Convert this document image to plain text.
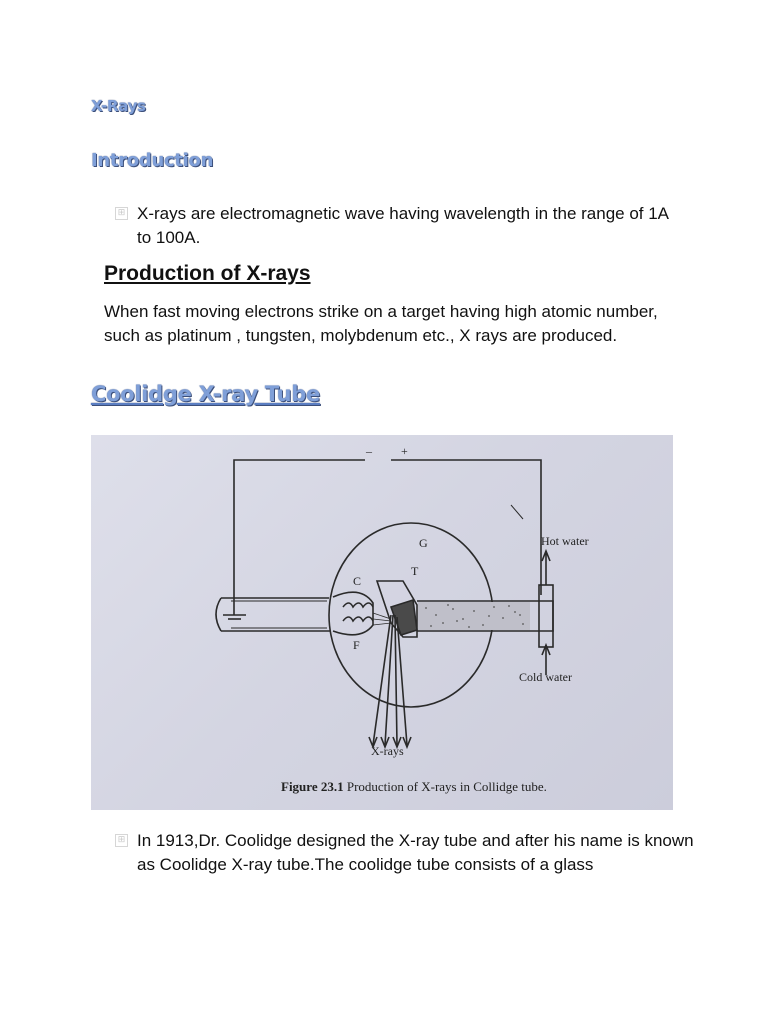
X-Rays
Introduction
⊞ X-rays are electromagnetic wave having wavelength in the range of 1A to 100A.
Production of X-rays
When fast moving electrons strike on a target having high atomic number, such as platinum , tungsten, molybdenum etc., X rays are produced.
Coolidge X-ray Tube
– +
G
T
C
F
Hot water
Cold water
X-rays
Figure 23.1 Production of X-rays in Collidge tube.
⊞ In 1913,Dr. Coolidge designed the X-ray tube and after his name is known as Coolidge X-ray tube.The coolidge tube consists of a glass
